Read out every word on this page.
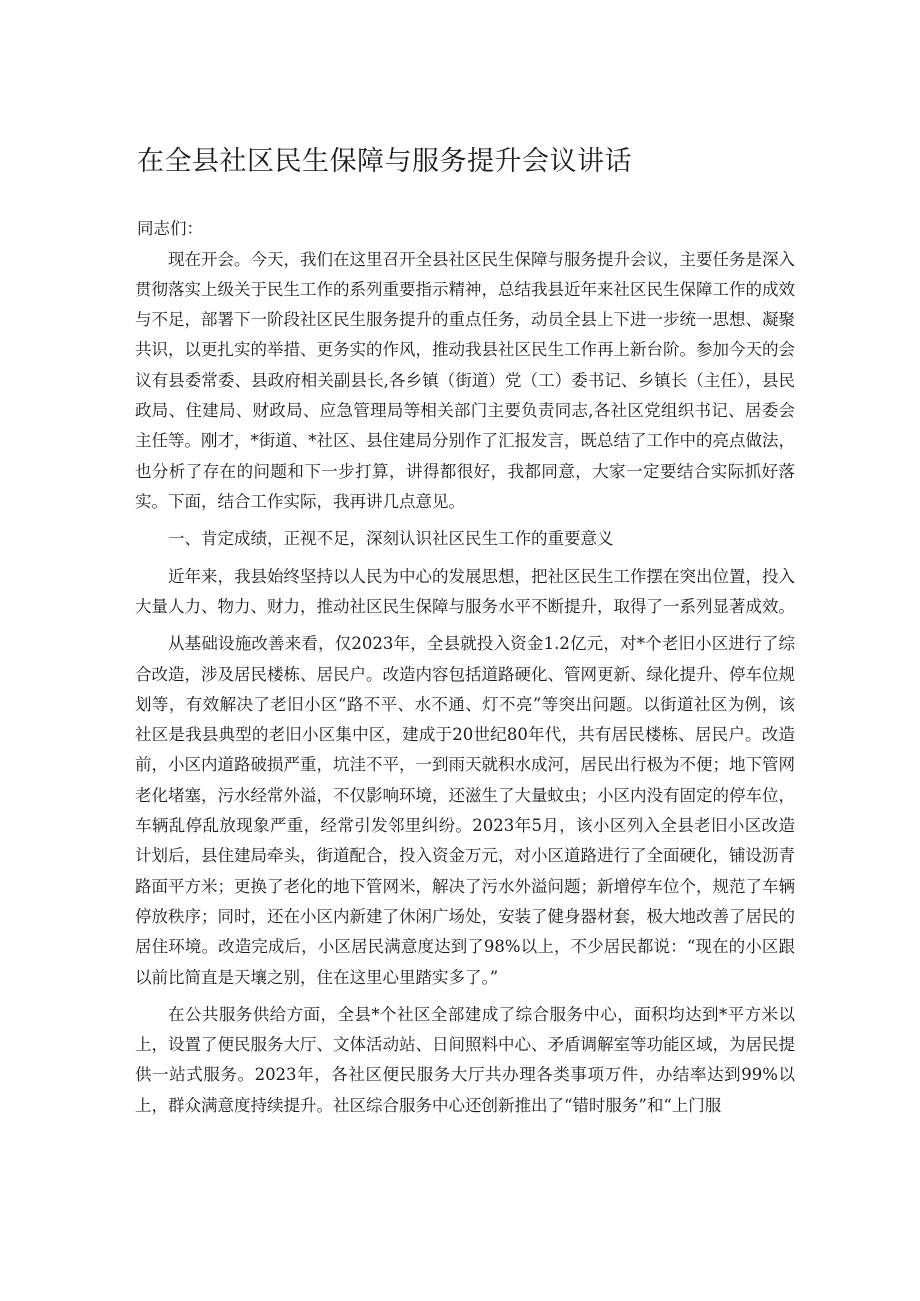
在全县社区民生保障与服务提升会议讲话

同志们：

现在开会。今天，我们在这里召开全县社区民生保障与服务提升会议，主要任务是深入贯彻落实上级关于民生工作的系列重要指示精神，总结我县近年来社区民生保障工作的成效与不足，部署下一阶段社区民生服务提升的重点任务，动员全县上下进一步统一思想、凝聚共识，以更扎实的举措、更务实的作风，推动我县社区民生工作再上新台阶。参加今天的会议有县委常委、县政府相关副县长,各乡镇（街道）党（工）委书记、乡镇长（主任），县民政局、住建局、财政局、应急管理局等相关部门主要负责同志,各社区党组织书记、居委会主任等。刚才，*街道、*社区、县住建局分别作了汇报发言，既总结了工作中的亮点做法，也分析了存在的问题和下一步打算，讲得都很好，我都同意，大家一定要结合实际抓好落实。下面，结合工作实际，我再讲几点意见。

一、肯定成绩，正视不足，深刻认识社区民生工作的重要意义

近年来，我县始终坚持以人民为中心的发展思想，把社区民生工作摆在突出位置，投入大量人力、物力、财力，推动社区民生保障与服务水平不断提升，取得了一系列显著成效。

从基础设施改善来看，仅2023年，全县就投入资金1.2亿元，对*个老旧小区进行了综合改造，涉及居民楼栋、居民户。改造内容包括道路硬化、管网更新、绿化提升、停车位规划等，有效解决了老旧小区“路不平、水不通、灯不亮”等突出问题。以街道社区为例，该社区是我县典型的老旧小区集中区，建成于20世纪80年代，共有居民楼栋、居民户。改造前，小区内道路破损严重，坑洼不平，一到雨天就积水成河，居民出行极为不便；地下管网老化堵塞，污水经常外溢，不仅影响环境，还滋生了大量蚊虫；小区内没有固定的停车位，车辆乱停乱放现象严重，经常引发邻里纠纷。2023年5月，该小区列入全县老旧小区改造计划后，县住建局牵头，街道配合，投入资金万元，对小区道路进行了全面硬化，铺设沥青路面平方米；更换了老化的地下管网米，解决了污水外溢问题；新增停车位个，规范了车辆停放秩序；同时，还在小区内新建了休闲广场处，安装了健身器材套，极大地改善了居民的居住环境。改造完成后，小区居民满意度达到了98%以上，不少居民都说：“现在的小区跟以前比简直是天壤之别，住在这里心里踏实多了。”

在公共服务供给方面，全县*个社区全部建成了综合服务中心，面积均达到*平方米以上，设置了便民服务大厅、文体活动站、日间照料中心、矛盾调解室等功能区域，为居民提供一站式服务。2023年，各社区便民服务大厅共办理各类事项万件，办结率达到99%以上，群众满意度持续提升。社区综合服务中心还创新推出了“错时服务”和“上门服
